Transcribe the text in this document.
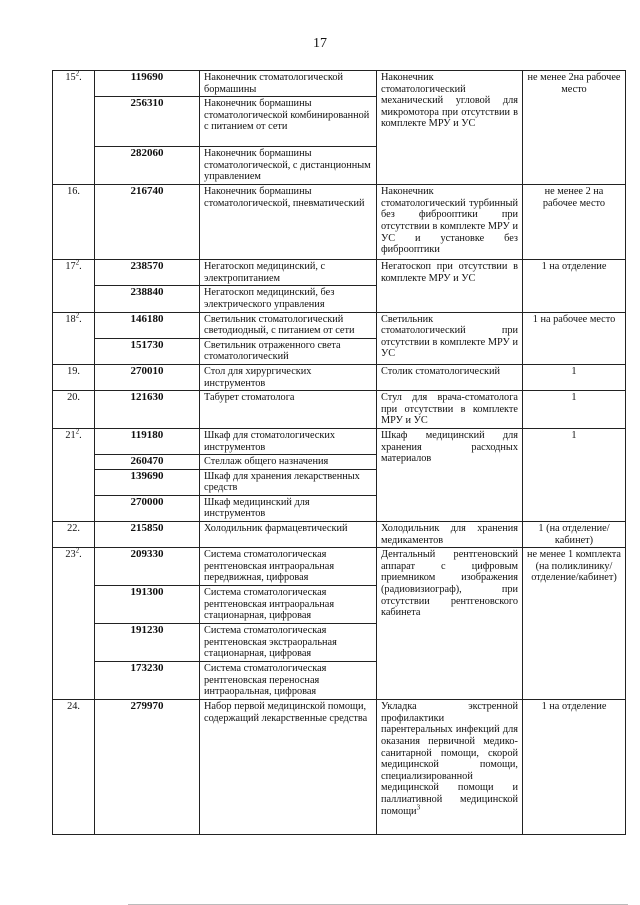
17
$15^2$.	119690	Наконечник стоматологической бормашины	Наконечник стоматологический механический угловой для микромотора при отсутствии в комплекте МРУ и УС	не менее 2на рабочее место
	256310	Наконечник бормашины стоматологической комбинированной с питанием от сети		
	282060	Наконечник бормашины стоматологической, с дистанционным управлением		
16.	216740	Наконечник бормашины стоматологической, пневматический	Наконечник стоматологический турбинный без фиброоптики при отсутствии в комплекте МРУ и УС и установке без фиброоптики	не менее 2 на рабочее место
$17^2$.	238570	Негатоскоп медицинский, с электропитанием	Негатоскоп при отсутствии в комплекте МРУ и УС	1 на отделение
	238840	Негатоскоп медицинский, без электрического управления		
$18^2$.	146180	Светильник стоматологический светодиодный, с питанием от сети	Светильник стоматологический при отсутствии в комплекте МРУ и УС	1 на рабочее место
	151730	Светильник отраженного света стоматологический		
19.	270010	Стол для хирургических инструментов	Столик стоматологический	1
20.	121630	Табурет стоматолога	Стул для врача-стоматолога при отсутствии в комплекте МРУ и УС	1
$21^2$.	119180	Шкаф для стоматологических инструментов	Шкаф медицинский для хранения расходных материалов	1
	260470	Стеллаж общего назначения		
	139690	Шкаф для хранения лекарственных средств		
	270000	Шкаф медицинский для инструментов		
22.	215850	Холодильник фармацевтический	Холодильник для хранения медикаментов	1 (на отделение/ кабинет)
$23^2$.	209330	Система стоматологическая рентгеновская интраоральная передвижная, цифровая	Дентальный рентгеновский аппарат с цифровым приемником изображения (радиовизиограф), при отсутствии рентгеновского кабинета	не менее 1 комплекта (на поликлинику/ отделение/кабинет)
	191300	Система стоматологическая рентгеновская интраоральная стационарная, цифровая		
	191230	Система стоматологическая рентгеновская экстраоральная стационарная, цифровая		
	173230	Система стоматологическая рентгеновская переносная интраоральная, цифровая		
24.	279970	Набор первой медицинской помощи, содержащий лекарственные средства	Укладка экстренной профилактики парентеральных инфекций для оказания первичной медико-санитарной помощи, скорой медицинской помощи, специализированной медицинской помощи и паллиативной медицинской помощи$^3$	1 на отделение
